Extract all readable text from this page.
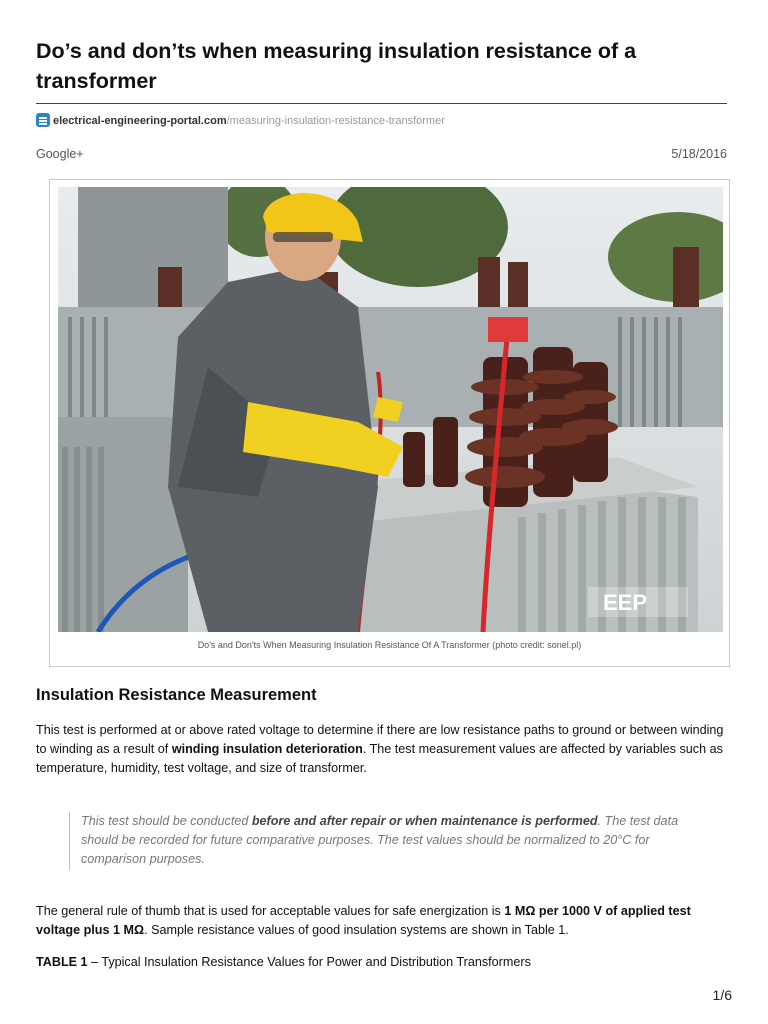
Do’s and don’ts when measuring insulation resistance of a transformer
electrical-engineering-portal.com/measuring-insulation-resistance-transformer
Google+	5/18/2016
EEP
Do's and Don'ts When Measuring Insulation Resistance Of A Transformer (photo credit: sonel.pl)
Insulation Resistance Measurement

This test is performed at or above rated voltage to determine if there are low resistance paths to ground or between winding to winding as a result of winding insulation deterioration. The test measurement values are affected by variables such as temperature, humidity, test voltage, and size of transformer.

This test should be conducted before and after repair or when maintenance is performed. The test data should be recorded for future comparative purposes. The test values should be normalized to 20°C for comparison purposes.

The general rule of thumb that is used for acceptable values for safe energization is 1 MΩ per 1000 V of applied test voltage plus 1 MΩ. Sample resistance values of good insulation systems are shown in Table 1.

TABLE 1 – Typical Insulation Resistance Values for Power and Distribution Transformers

1/6
